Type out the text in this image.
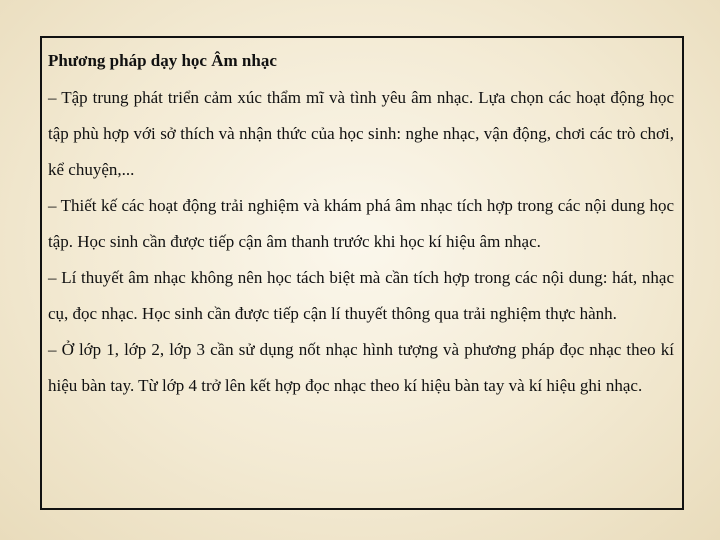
Phương pháp dạy học Âm nhạc

– Tập trung phát triển cảm xúc thẩm mĩ và tình yêu âm nhạc. Lựa chọn các hoạt động học tập phù hợp với sở thích và nhận thức của học sinh: nghe nhạc, vận động, chơi các trò chơi, kể chuyện,...

– Thiết kế các hoạt động trải nghiệm và khám phá âm nhạc tích hợp trong các nội dung học tập. Học sinh cần được tiếp cận âm thanh trước khi học kí hiệu âm nhạc.

– Lí thuyết âm nhạc không nên học tách biệt mà cần tích hợp trong các nội dung: hát, nhạc cụ, đọc nhạc. Học sinh cần được tiếp cận lí thuyết thông qua trải nghiệm thực hành.

– Ở lớp 1, lớp 2, lớp 3 cần sử dụng nốt nhạc hình tượng và phương pháp đọc nhạc theo kí hiệu bàn tay. Từ lớp 4 trở lên kết hợp đọc nhạc theo kí hiệu bàn tay và kí hiệu ghi nhạc.
